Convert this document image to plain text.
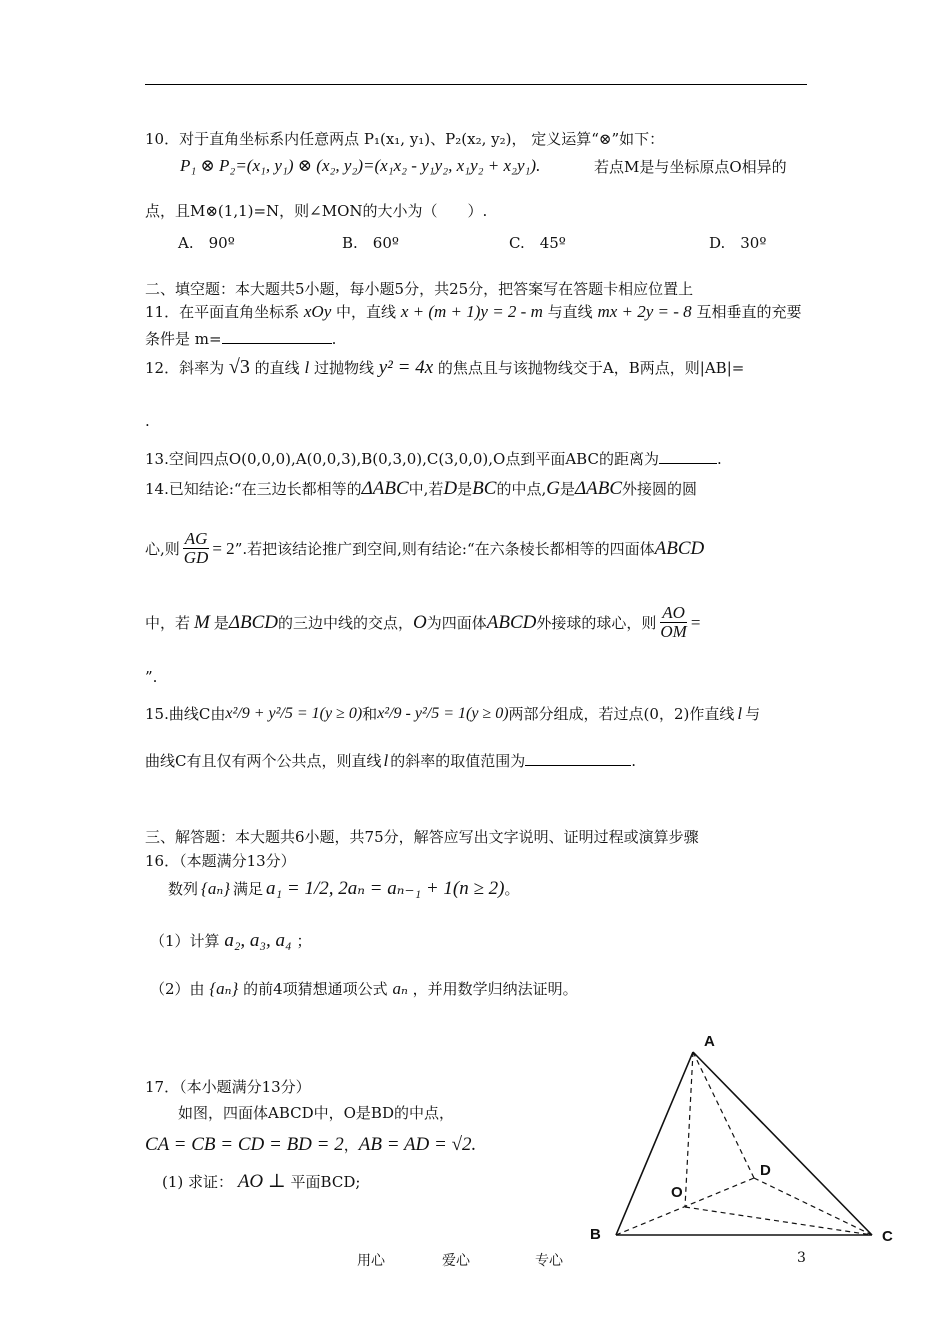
10．对于直角坐标系内任意两点 P₁(x₁, y₁)、P₂(x₂, y₂)， 定义运算“⊗”如下：
P₁ ⊗ P₂=(x₁, y₁) ⊗ (x₂, y₂)=(x₁x₂ - y₁y₂, x₁y₂ + x₂y₁).	若点M是与坐标原点O相异的
点，且M⊗(1,1)=N，则∠MON的大小为（　　）.
A.　90º	B.　60º	C.　45º	D.　30º
二、填空题：本大题共5小题，每小题5分，共25分，把答案写在答题卡相应位置上
11．在平面直角坐标系 xOy 中，直线 x + (m + 1)y = 2 - m 与直线 mx + 2y = - 8 互相垂直的充要
条件是 m=	.
12．斜率为 √3 的直线 l 过抛物线 y² = 4x 的焦点且与该抛物线交于A，B两点，则|AB|=
.
13.空间四点O(0,0,0),A(0,0,3),B(0,3,0),C(3,0,0),O点到平面ABC的距离为	.
14.已知结论:“在三边长都相等的ΔABC中,若D是BC的中点,G是ΔABC外接圆的圆
心,则 $\frac{AG}{GD} = 2$ ”.若把该结论推广到空间,则有结论:“在六条棱长都相等的四面体 ABCD
中，若 M 是 ΔBCD 的三边中线的交点， O 为四面体 ABCD 外接球的球心，则 $\frac{AO}{OM}$ =
”.
15.曲线C由 x²/9 + y²/5 = 1(y ≥ 0) 和 x²/9 - y²/5 = 1(y ≥ 0) 两部分组成，若过点(0，2)作直线 l 与
曲线C有且仅有两个公共点，则直线 l 的斜率的取值范围为	.
三、解答题：本大题共6小题，共75分，解答应写出文字说明、证明过程或演算步骤
16．（本题满分13分）
数列 {aₙ} 满足 a₁ = 1/2, 2aₙ = aₙ₋₁ + 1(n ≥ 2) 。
（1）计算 a₂, a₃, a₄ ；
（2）由 {aₙ} 的前4项猜想通项公式 aₙ ，并用数学归纳法证明。
17．（本小题满分13分）
如图，四面体ABCD中，O是BD的中点，
CA = CB = CD = BD = 2，AB = AD = √2.
(1) 求证： AO ⊥ 平面BCD;
A
B	C
D
O
用心	爱心	专心	3
